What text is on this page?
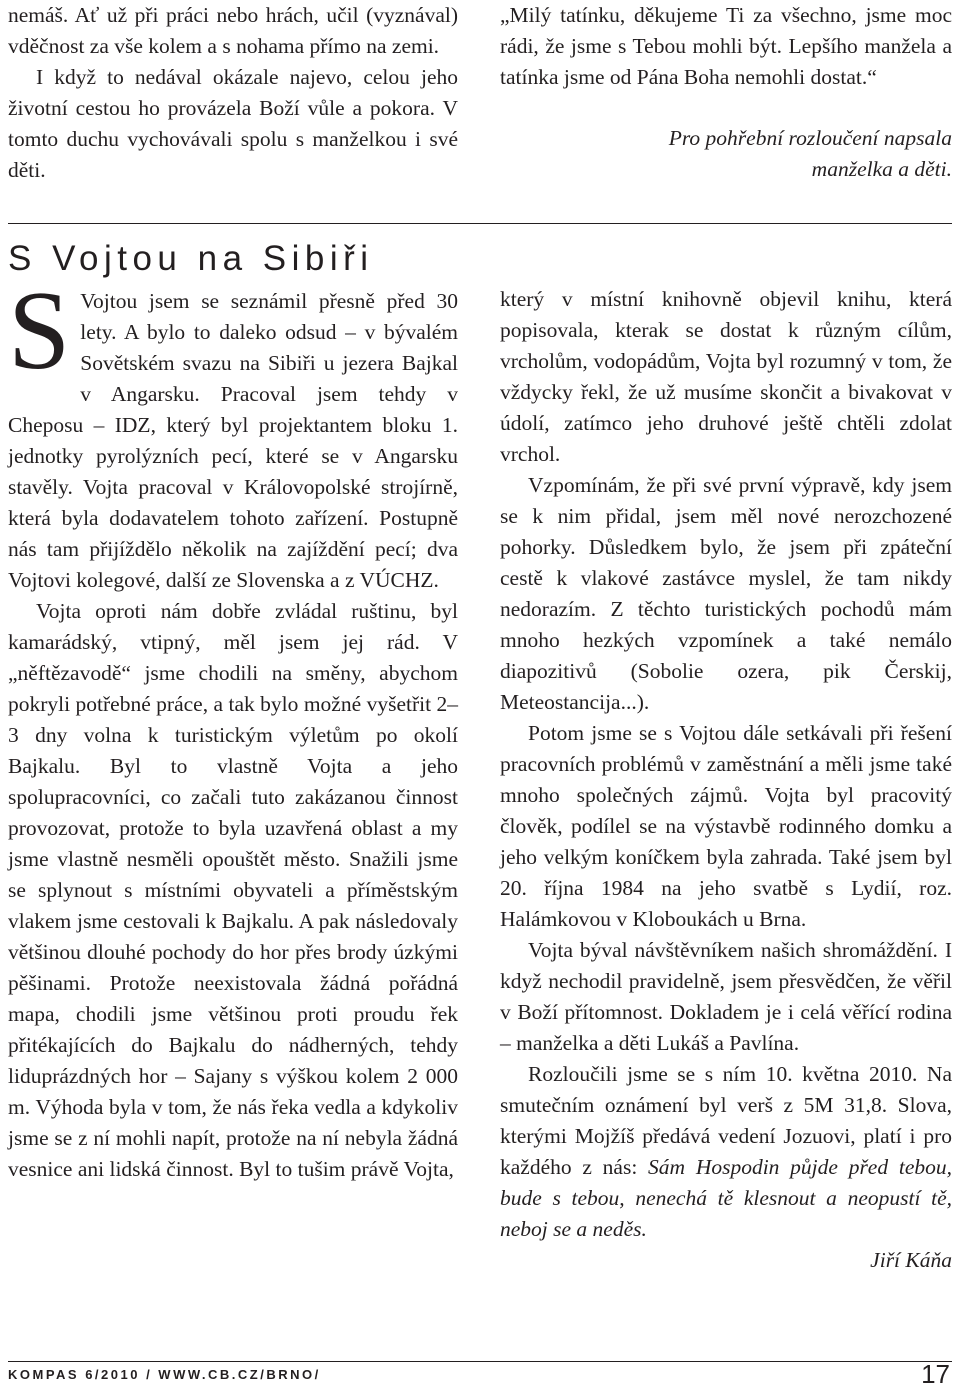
nemáš. Ať už při práci nebo hrách, učil (vyznával) vděčnost za vše kolem a s nohama přímo na zemi.

I když to nedával okázale najevo, celou jeho životní cestou ho provázela Boží vůle a pokora. V tomto duchu vychovávali spolu s manželkou i své děti.

„Milý tatínku, děkujeme Ti za všechno, jsme moc rádi, že jsme s Tebou mohli být. Lepšího manžela a tatínka jsme od Pána Boha nemohli dostat.“

Pro pohřební rozloučení napsala

manželka a děti.

S Vojtou na Sibiři

S Vojtou jsem se seznámil přesně před 30 lety. A bylo to daleko odsud – v bývalém Sovětském svazu na Sibiři u jezera Bajkal v Angarsku. Pracoval jsem tehdy v Cheposu – IDZ, který byl projektantem bloku 1. jednotky pyrolýzních pecí, které se v Angarsku stavěly. Vojta pracoval v Královopolské strojírně, která byla dodavatelem tohoto zařízení. Postupně nás tam přijíždělo několik na zajíždění pecí; dva Vojtovi kolegové, další ze Slovenska a z VÚCHZ.

Vojta oproti nám dobře zvládal ruštinu, byl kamarádský, vtipný, měl jsem jej rád. V „něftězavodě“ jsme chodili na směny, abychom pokryli potřebné práce, a tak bylo možné vyšetřit 2–3 dny volna k turistickým výletům po okolí Bajkalu. Byl to vlastně Vojta a jeho spolupracovníci, co začali tuto zakázanou činnost provozovat, protože to byla uzavřená oblast a my jsme vlastně nesměli opouštět město. Snažili jsme se splynout s místními obyvateli a příměstským vlakem jsme cestovali k Bajkalu. A pak následovaly většinou dlouhé pochody do hor přes brody úzkými pěšinami. Protože neexistovala žádná pořádná mapa, chodili jsme většinou proti proudu řek přitékajících do Bajkalu do nádherných, tehdy liduprázdných hor – Sajany s výškou kolem 2 000 m. Výhoda byla v tom, že nás řeka vedla a kdykoliv jsme se z ní mohli napít, protože na ní nebyla žádná vesnice ani lidská činnost. Byl to tušim právě Vojta,

který v místní knihovně objevil knihu, která popisovala, kterak se dostat k různým cílům, vrcholům, vodopádům, Vojta byl rozumný v tom, že vždycky řekl, že už musíme skončit a bivakovat v údolí, zatímco jeho druhové ještě chtěli zdolat vrchol.

Vzpomínám, že při své první výpravě, kdy jsem se k nim přidal, jsem měl nové nerozchozené pohorky. Důsledkem bylo, že jsem při zpáteční cestě k vlakové zastávce myslel, že tam nikdy nedorazím. Z těchto turistických pochodů mám mnoho hezkých vzpomínek a také nemálo diapozitivů (Sobolie ozera, pik Čerskij, Meteostancija...).

Potom jsme se s Vojtou dále setkávali při řešení pracovních problémů v zaměstnání a měli jsme také mnoho společných zájmů. Vojta byl pracovitý člověk, podílel se na výstavbě rodinného domku a jeho velkým koníčkem byla zahrada. Také jsem byl 20. října 1984 na jeho svatbě s Lydií, roz. Halámkovou v Kloboukách u Brna.

Vojta býval návštěvníkem našich shromáždění. I když nechodil pravidelně, jsem přesvědčen, že věřil v Boží přítomnost. Dokladem je i celá věřící rodina – manželka a děti Lukáš a Pavlína.

Rozloučili jsme se s ním 10. května 2010. Na smutečním oznámení byl verš z 5M 31,8. Slova, kterými Mojžíš předává vedení Jozuovi, platí i pro každého z nás: Sám Hospodin půjde před tebou, bude s tebou, nenechá tě klesnout a neopustí tě, neboj se a neděs.

Jiří Káňa

KOMPAS 6/2010 / WWW.CB.CZ/BRNO/	17
